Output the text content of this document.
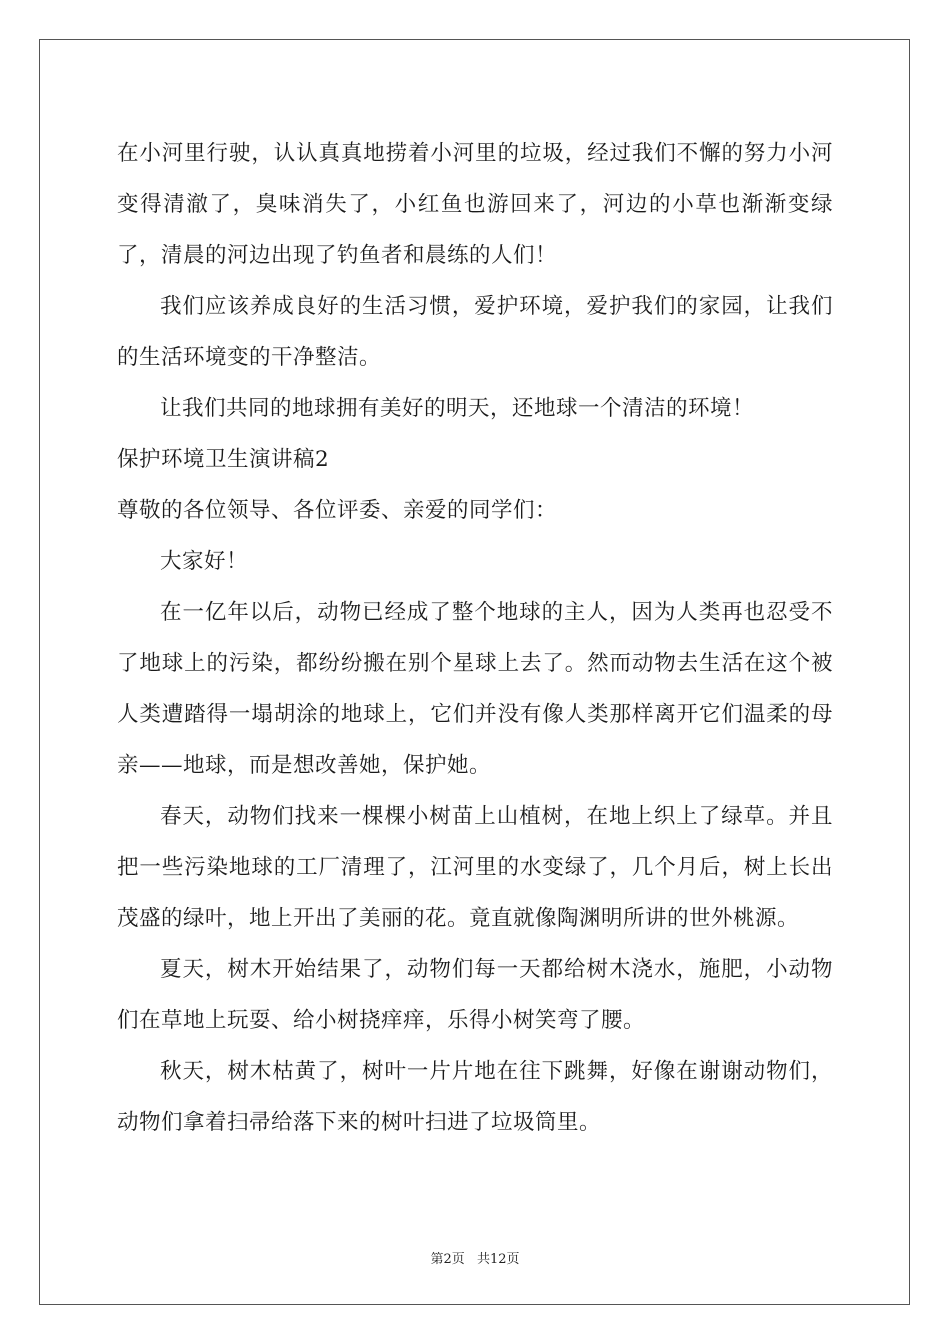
在小河里行驶，认认真真地捞着小河里的垃圾，经过我们不懈的努力小河变得清澈了，臭味消失了，小红鱼也游回来了，河边的小草也渐渐变绿了，清晨的河边出现了钓鱼者和晨练的人们！

我们应该养成良好的生活习惯，爱护环境，爱护我们的家园，让我们的生活环境变的干净整洁。

让我们共同的地球拥有美好的明天，还地球一个清洁的环境！

保护环境卫生演讲稿2

尊敬的各位领导、各位评委、亲爱的同学们：

大家好！

在一亿年以后，动物已经成了整个地球的主人，因为人类再也忍受不了地球上的污染，都纷纷搬在别个星球上去了。然而动物去生活在这个被人类遭踏得一塌胡涂的地球上，它们并没有像人类那样离开它们温柔的母亲——地球，而是想改善她，保护她。

春天，动物们找来一棵棵小树苗上山植树，在地上织上了绿草。并且把一些污染地球的工厂清理了，江河里的水变绿了，几个月后，树上长出茂盛的绿叶，地上开出了美丽的花。竟直就像陶渊明所讲的世外桃源。

夏天，树木开始结果了，动物们每一天都给树木浇水，施肥，小动物们在草地上玩耍、给小树挠痒痒，乐得小树笑弯了腰。

秋天，树木枯黄了，树叶一片片地在往下跳舞，好像在谢谢动物们，动物们拿着扫帚给落下来的树叶扫进了垃圾筒里。

第2页 共12页
